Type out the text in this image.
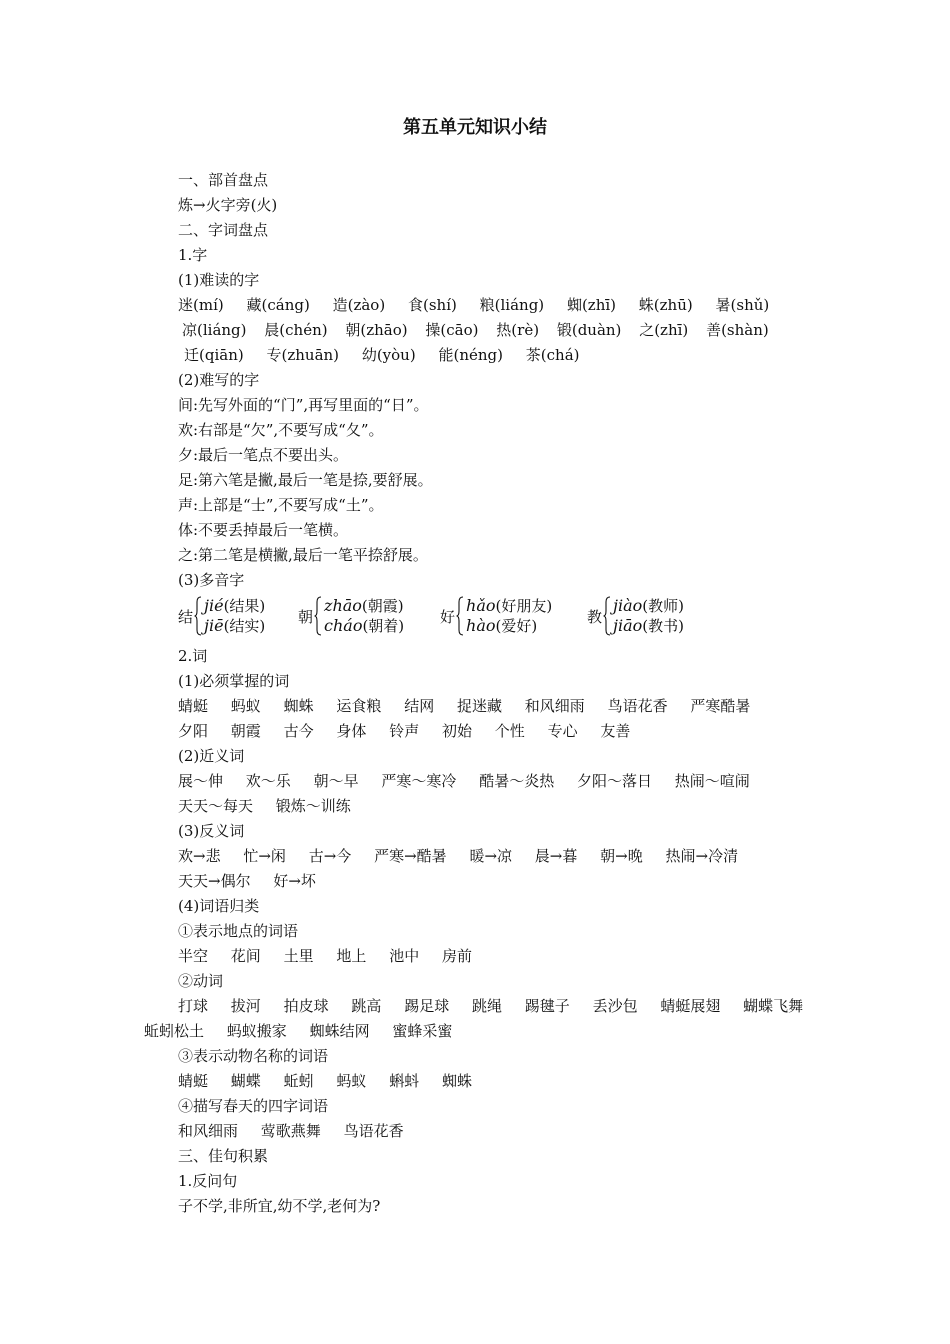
第五单元知识小结
一、部首盘点
炼→火字旁(火)
二、字词盘点
1.字
(1)难读的字
迷(mí) 藏(cáng) 造(zào) 食(shí) 粮(liáng) 蜘(zhī) 蛛(zhū) 暑(shǔ)
凉(liáng) 晨(chén) 朝(zhāo) 操(cāo) 热(rè) 锻(duàn) 之(zhī) 善(shàn)
迁(qiān) 专(zhuān) 幼(yòu) 能(néng) 茶(chá)
(2)难写的字
间:先写外面的“门”,再写里面的“日”。
欢:右部是“欠”,不要写成“夂”。
夕:最后一笔点不要出头。
足:第六笔是撇,最后一笔是捺,要舒展。
声:上部是“士”,不要写成“土”。
体:不要丢掉最后一笔横。
之:第二笔是横撇,最后一笔平捺舒展。
(3)多音字
结
jié(结果)
jiē(结实)
朝
zhāo(朝霞)
cháo(朝着)
好
hǎo(好朋友)
hào(爱好)
教
jiào(教师)
jiāo(教书)
2.词
(1)必须掌握的词
蜻蜓 蚂蚁 蜘蛛 运食粮 结网 捉迷藏 和风细雨 鸟语花香 严寒酷暑
夕阳 朝霞 古今 身体 铃声 初始 个性 专心 友善
(2)近义词
展～伸 欢～乐 朝～早 严寒～寒冷 酷暑～炎热 夕阳～落日 热闹～喧闹
天天～每天 锻炼～训练
(3)反义词
欢→悲 忙→闲 古→今 严寒→酷暑 暖→凉 晨→暮 朝→晚 热闹→冷清
天天→偶尔 好→坏
(4)词语归类
①表示地点的词语
半空 花间 土里 地上 池中 房前
②动词
打球 拔河 拍皮球 跳高 踢足球 跳绳 踢毽子 丢沙包 蜻蜓展翅 蝴蝶飞舞
蚯蚓松土 蚂蚁搬家 蜘蛛结网 蜜蜂采蜜
③表示动物名称的词语
蜻蜓 蝴蝶 蚯蚓 蚂蚁 蝌蚪 蜘蛛
④描写春天的四字词语
和风细雨 莺歌燕舞 鸟语花香
三、佳句积累
1.反问句
子不学,非所宜,幼不学,老何为?
